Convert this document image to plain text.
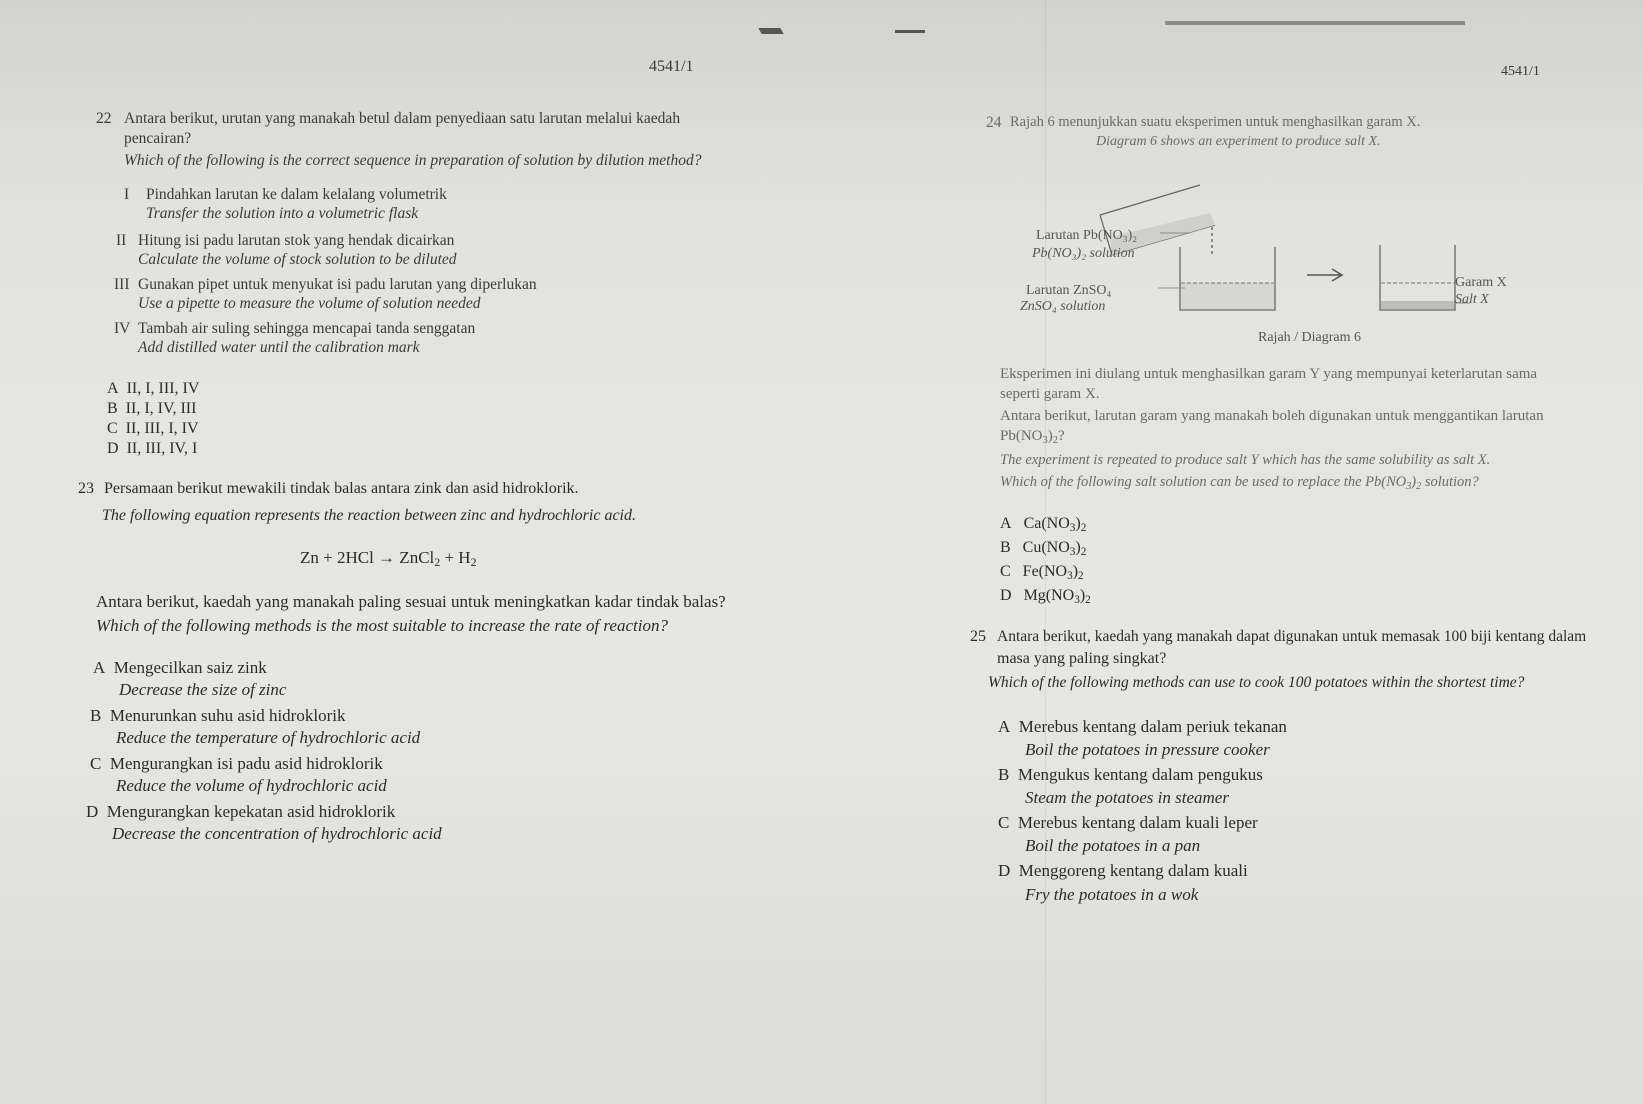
4541/1	4541/1
22 Antara berikut, urutan yang manakah betul dalam penyediaan satu larutan melalui kaedah
pencairan?
Which of the following is the correct sequence in preparation of solution by dilution method?
I Pindahkan larutan ke dalam kelalang volumetrik
Transfer the solution into a volumetric flask
II Hitung isi padu larutan stok yang hendak dicairkan
Calculate the volume of stock solution to be diluted
III Gunakan pipet untuk menyukat isi padu larutan yang diperlukan
Use a pipette to measure the volume of solution needed
IV Tambah air suling sehingga mencapai tanda senggatan
Add distilled water until the calibration mark
A II, I, III, IV
B II, I, IV, III
C II, III, I, IV
D II, III, IV, I
23 Persamaan berikut mewakili tindak balas antara zink dan asid hidroklorik.
The following equation represents the reaction between zinc and hydrochloric acid.
Zn + 2HCl → ZnCl$_2$ + $H_2$
Antara berikut, kaedah yang manakah paling sesuai untuk meningkatkan kadar tindak balas?
Which of the following methods is the most suitable to increase the rate of reaction?
A Mengecilkan saiz zink
Decrease the size of zinc
B Menurunkan suhu asid hidroklorik
Reduce the temperature of hydrochloric acid
C Mengurangkan isi padu asid hidroklorik
Reduce the volume of hydrochloric acid
D Mengurangkan kepekatan asid hidroklorik
Decrease the concentration of hydrochloric acid
24 Rajah 6 menunjukkan suatu eksperimen untuk menghasilkan garam X.
Diagram 6 shows an experiment to produce salt X.
Larutan Pb(NO₃)₂
Pb(NO₃)₂ solution
Larutan ZnSO₄
ZnSO₄ solution
Garam X
Salt X
Rajah / Diagram 6
Eksperimen ini diulang untuk menghasilkan garam Y yang mempunyai keterlarutan sama
seperti garam X.
Antara berikut, larutan garam yang manakah boleh digunakan untuk menggantikan larutan
$Pb(NO_3)_2$?
The experiment is repeated to produce salt Y which has the same solubility as salt X.
Which of the following salt solution can be used to replace the $Pb(NO_3)_2$ solution?
A $Ca(NO_3)_2$
B $Cu(NO_3)_2$
C $Fe(NO_3)_2$
D $Mg(NO_3)_2$
25 Antara berikut, kaedah yang manakah dapat digunakan untuk memasak 100 biji kentang dalam
masa yang paling singkat?
Which of the following methods can use to cook 100 potatoes within the shortest time?
A Merebus kentang dalam periuk tekanan
Boil the potatoes in pressure cooker
B Mengukus kentang dalam pengukus
Steam the potatoes in steamer
C Merebus kentang dalam kuali leper
Boil the potatoes in a pan
D Menggoreng kentang dalam kuali
Fry the potatoes in a wok
